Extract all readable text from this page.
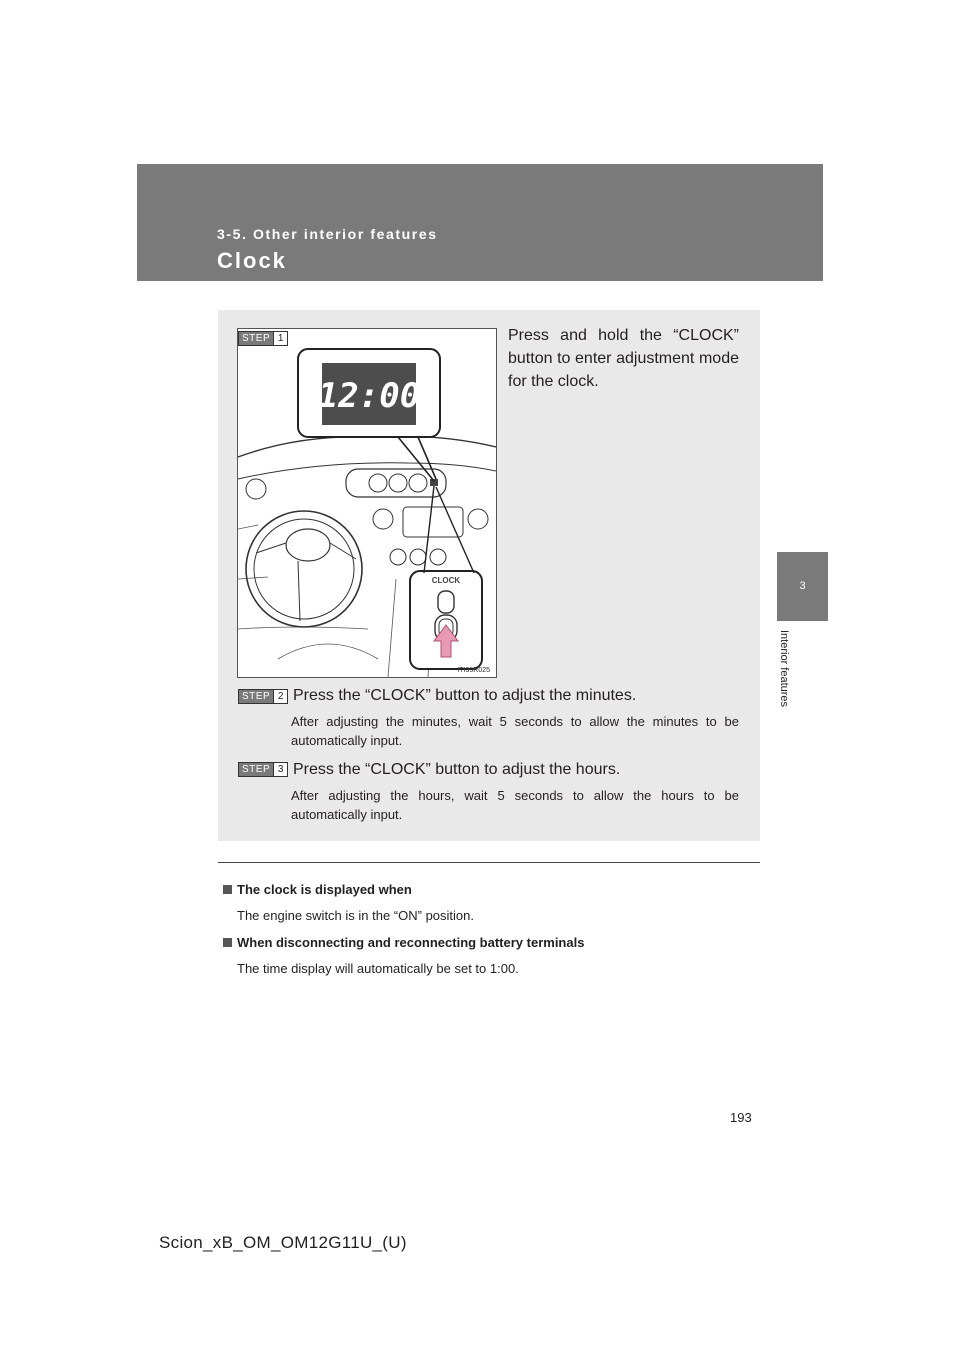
3-5. Other interior features
Clock
3
Interior features
12:00
CLOCK
ITI35R025
STEP 1	Press and hold the “CLOCK” button to enter adjustment mode for the clock.
STEP 2 Press the “CLOCK” button to adjust the minutes.
After adjusting the minutes, wait 5 seconds to allow the minutes to be automatically input.
STEP 3 Press the “CLOCK” button to adjust the hours.
After adjusting the hours, wait 5 seconds to allow the hours to be automatically input.
The clock is displayed when
The engine switch is in the “ON” position.
When disconnecting and reconnecting battery terminals
The time display will automatically be set to 1:00.
193
Scion_xB_OM_OM12G11U_(U)
